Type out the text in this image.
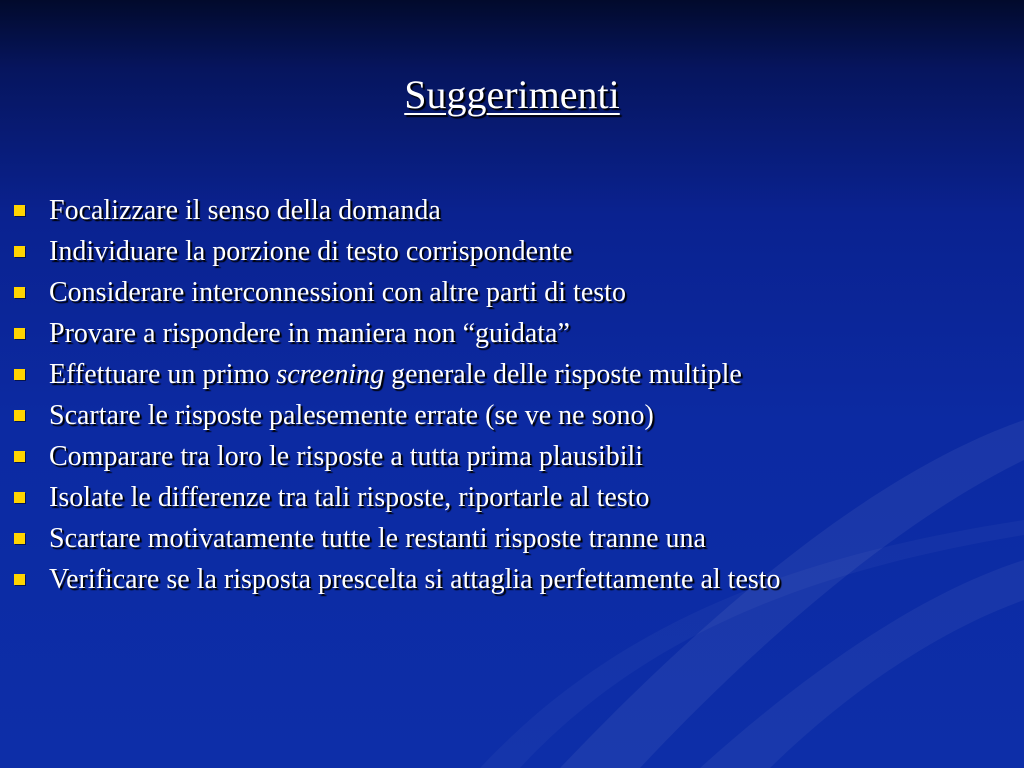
Suggerimenti
Focalizzare il senso della domanda
Individuare la porzione di testo corrispondente
Considerare interconnessioni con altre parti di testo
Provare a rispondere in maniera non “guidata”
Effettuare un primo screening generale delle risposte multiple
Scartare le risposte palesemente errate (se ve ne sono)
Comparare tra loro le risposte a tutta prima plausibili
Isolate le differenze tra tali risposte, riportarle al testo
Scartare motivatamente tutte le restanti risposte tranne una
Verificare se la risposta prescelta si attaglia perfettamente al testo
